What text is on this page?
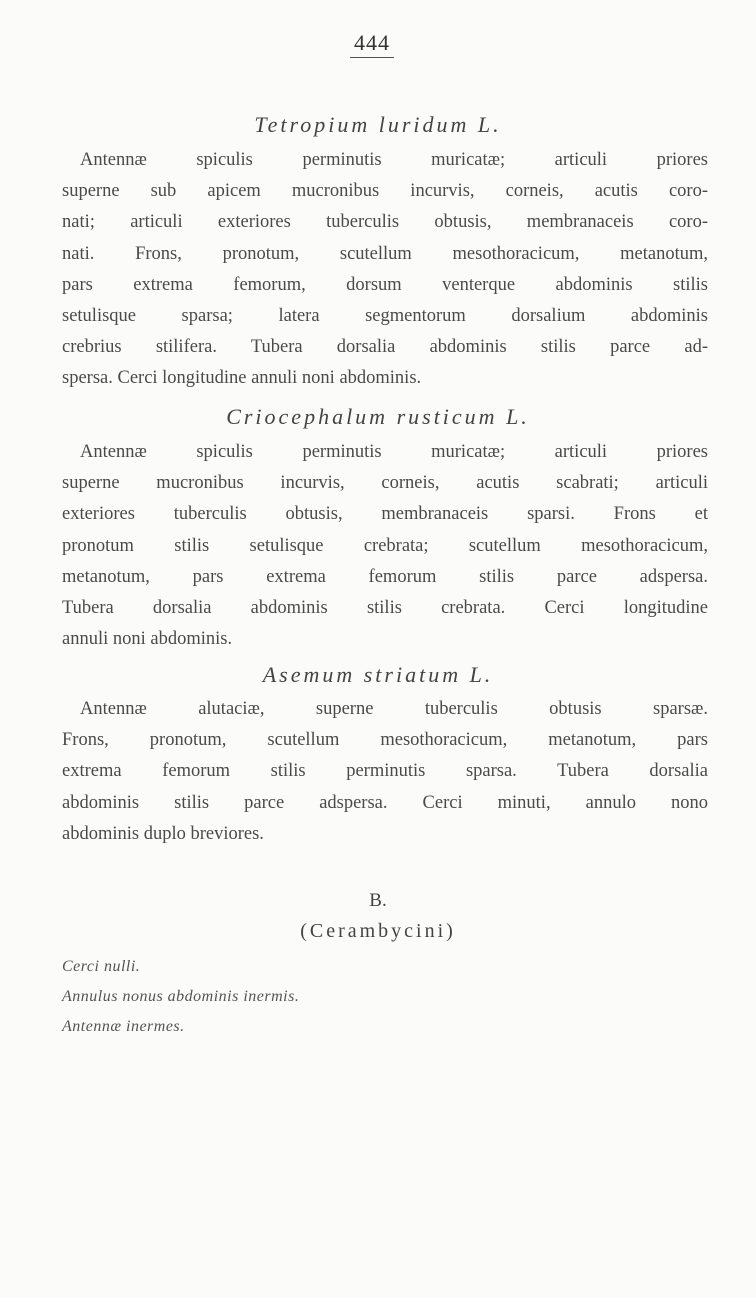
444
Tetropium luridum L.
Antennæ spiculis perminutis muricatæ; articuli priores
superne sub apicem mucronibus incurvis, corneis, acutis coro-
nati; articuli exteriores tuberculis obtusis, membranaceis coro-
nati. Frons, pronotum, scutellum mesothoracicum, metanotum,
pars extrema femorum, dorsum venterque abdominis stilis
setulisque sparsa; latera segmentorum dorsalium abdominis
crebrius stilifera. Tubera dorsalia abdominis stilis parce ad-
spersa. Cerci longitudine annuli noni abdominis.
Criocephalum rusticum L.
Antennæ spiculis perminutis muricatæ; articuli priores
superne mucronibus incurvis, corneis, acutis scabrati; articuli
exteriores tuberculis obtusis, membranaceis sparsi. Frons et
pronotum stilis setulisque crebrata; scutellum mesothoracicum,
metanotum, pars extrema femorum stilis parce adspersa.
Tubera dorsalia abdominis stilis crebrata. Cerci longitudine
annuli noni abdominis.
Asemum striatum L.
Antennæ alutaciæ, superne tuberculis obtusis sparsæ.
Frons, pronotum, scutellum mesothoracicum, metanotum, pars
extrema femorum stilis perminutis sparsa. Tubera dorsalia
abdominis stilis parce adspersa. Cerci minuti, annulo nono
abdominis duplo breviores.
B.
(Cerambycini)
Cerci nulli.
Annulus nonus abdominis inermis.
Antennæ inermes.
